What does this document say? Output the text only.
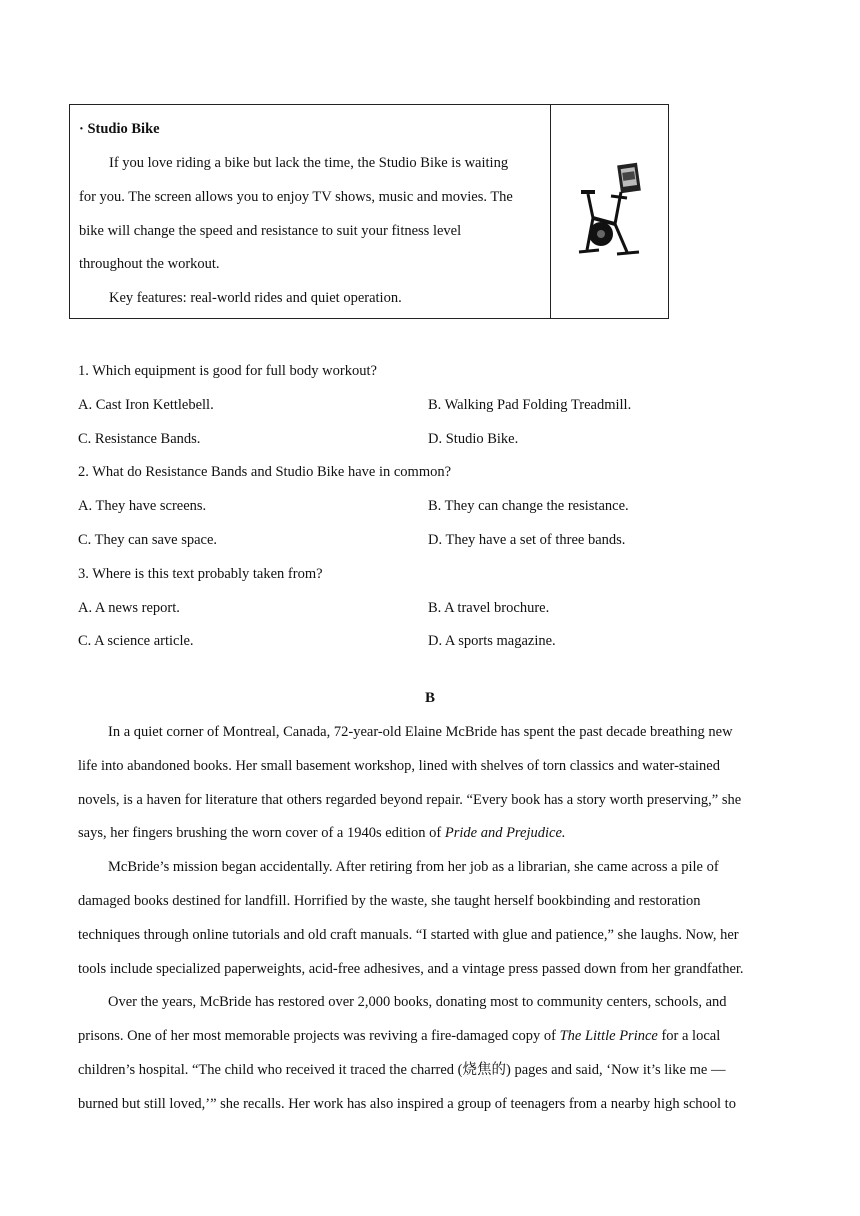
· Studio Bike
If you love riding a bike but lack the time, the Studio Bike is waiting
for you. The screen allows you to enjoy TV shows, music and movies. The
bike will change the speed and resistance to suit your fitness level
throughout the workout.
Key features: real-world rides and quiet operation.
1. Which equipment is good for full body workout?
A. Cast Iron Kettlebell.	B. Walking Pad Folding Treadmill.
C. Resistance Bands.	D. Studio Bike.
2. What do Resistance Bands and Studio Bike have in common?
A. They have screens.	B. They can change the resistance.
C. They can save space.	D. They have a set of three bands.
3. Where is this text probably taken from?
A. A news report.	B. A travel brochure.
C. A science article.	D. A sports magazine.
B
In a quiet corner of Montreal, Canada, 72-year-old Elaine McBride has spent the past decade breathing new
life into abandoned books. Her small basement workshop, lined with shelves of torn classics and water-stained
novels, is a haven for literature that others regarded beyond repair. “Every book has a story worth preserving,” she
says, her fingers brushing the worn cover of a 1940s edition of Pride and Prejudice.
McBride’s mission began accidentally. After retiring from her job as a librarian, she came across a pile of
damaged books destined for landfill. Horrified by the waste, she taught herself bookbinding and restoration
techniques through online tutorials and old craft manuals. “I started with glue and patience,” she laughs. Now, her
tools include specialized paperweights, acid-free adhesives, and a vintage press passed down from her grandfather.
Over the years, McBride has restored over 2,000 books, donating most to community centers, schools, and
prisons. One of her most memorable projects was reviving a fire-damaged copy of The Little Prince for a local
children’s hospital. “The child who received it traced the charred (烧焦的) pages and said, ‘Now it’s like me —
burned but still loved,’” she recalls. Her work has also inspired a group of teenagers from a nearby high school to
